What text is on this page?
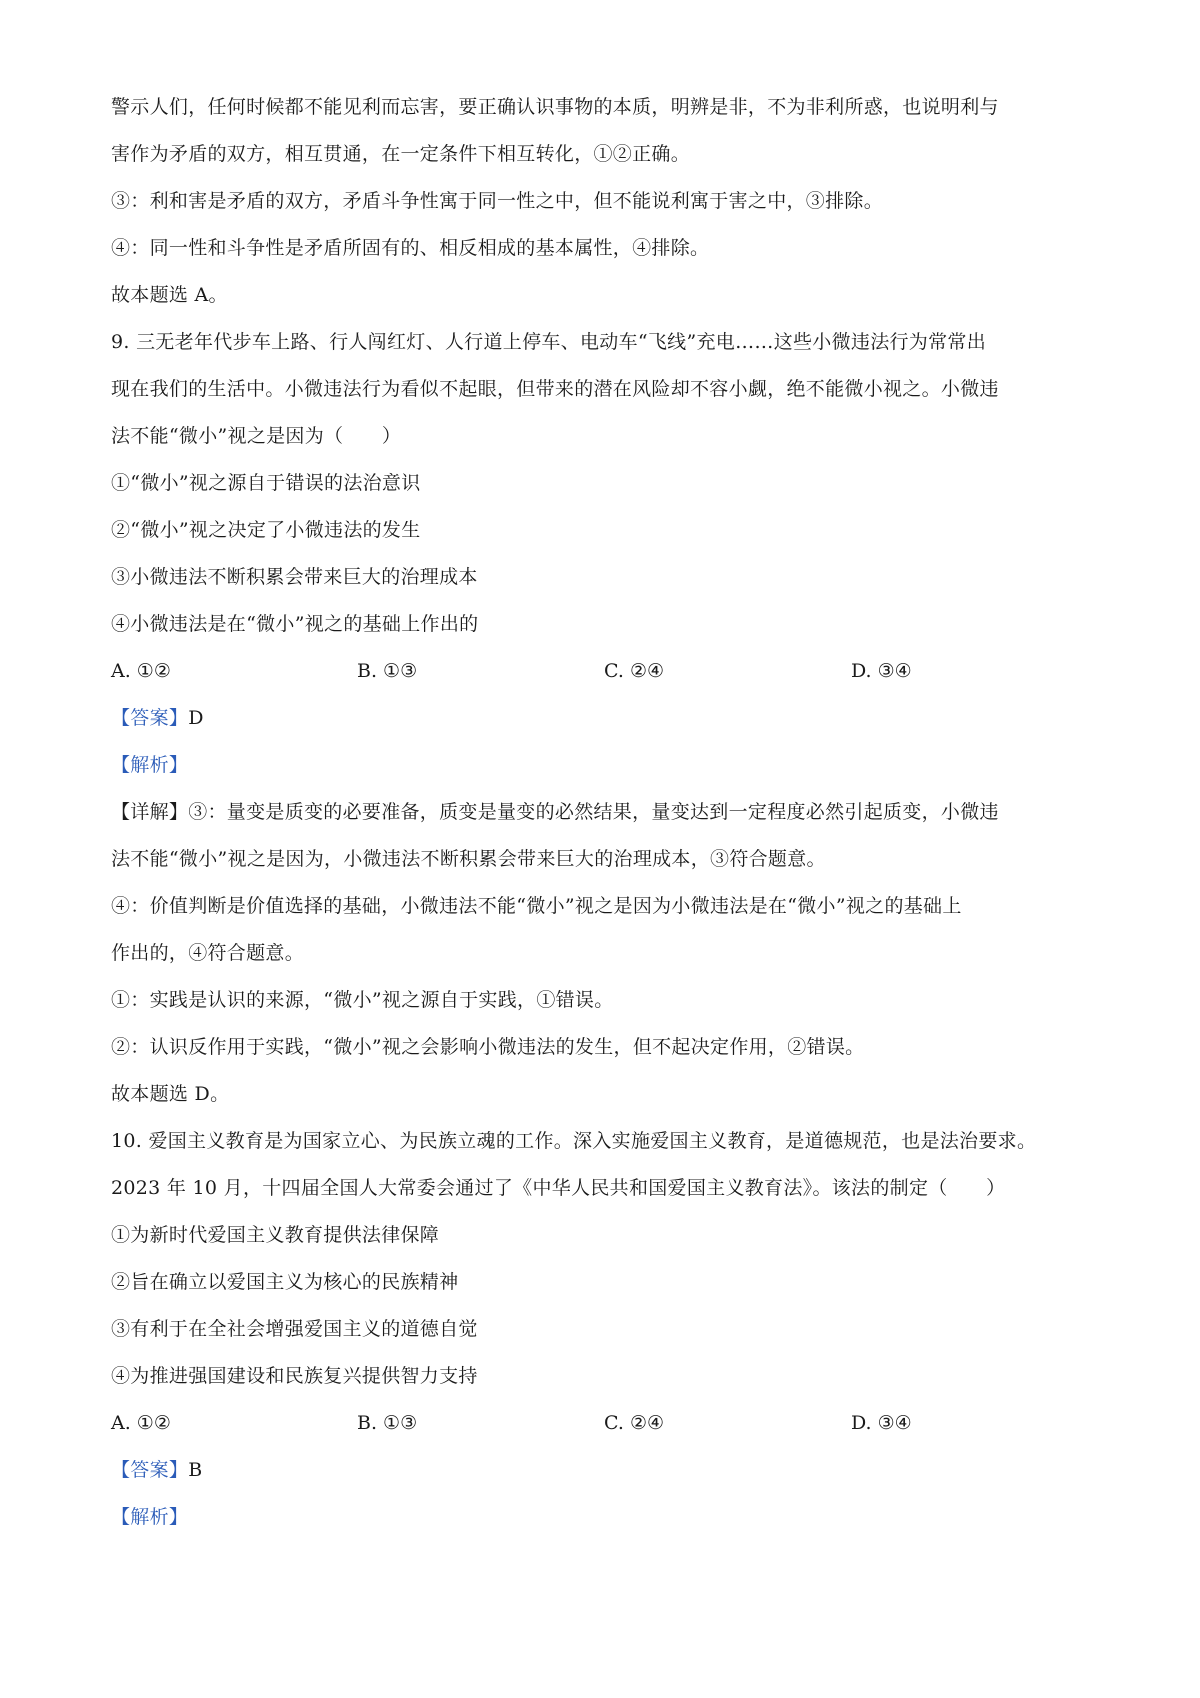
警示人们，任何时候都不能见利而忘害，要正确认识事物的本质，明辨是非，不为非利所惑，也说明利与
害作为矛盾的双方，相互贯通，在一定条件下相互转化，①②正确。
③：利和害是矛盾的双方，矛盾斗争性寓于同一性之中，但不能说利寓于害之中，③排除。
④：同一性和斗争性是矛盾所固有的、相反相成的基本属性，④排除。
故本题选 A。
9. 三无老年代步车上路、行人闯红灯、人行道上停车、电动车“飞线”充电……这些小微违法行为常常出
现在我们的生活中。小微违法行为看似不起眼，但带来的潜在风险却不容小觑，绝不能微小视之。小微违
法不能“微小”视之是因为（　　）
①“微小”视之源自于错误的法治意识
②“微小”视之决定了小微违法的发生
③小微违法不断积累会带来巨大的治理成本
④小微违法是在“微小”视之的基础上作出的
A. ①②	B. ①③	C. ②④	D. ③④
【答案】D
【解析】
【详解】③：量变是质变的必要准备，质变是量变的必然结果，量变达到一定程度必然引起质变，小微违
法不能“微小”视之是因为，小微违法不断积累会带来巨大的治理成本，③符合题意。
④：价值判断是价值选择的基础，小微违法不能“微小”视之是因为小微违法是在“微小”视之的基础上
作出的，④符合题意。
①：实践是认识的来源，“微小”视之源自于实践，①错误。
②：认识反作用于实践，“微小”视之会影响小微违法的发生，但不起决定作用，②错误。
故本题选 D。
10. 爱国主义教育是为国家立心、为民族立魂的工作。深入实施爱国主义教育，是道德规范，也是法治要求。
2023 年 10 月，十四届全国人大常委会通过了《中华人民共和国爱国主义教育法》。该法的制定（　　）
①为新时代爱国主义教育提供法律保障
②旨在确立以爱国主义为核心的民族精神
③有利于在全社会增强爱国主义的道德自觉
④为推进强国建设和民族复兴提供智力支持
A. ①②	B. ①③	C. ②④	D. ③④
【答案】B
【解析】
